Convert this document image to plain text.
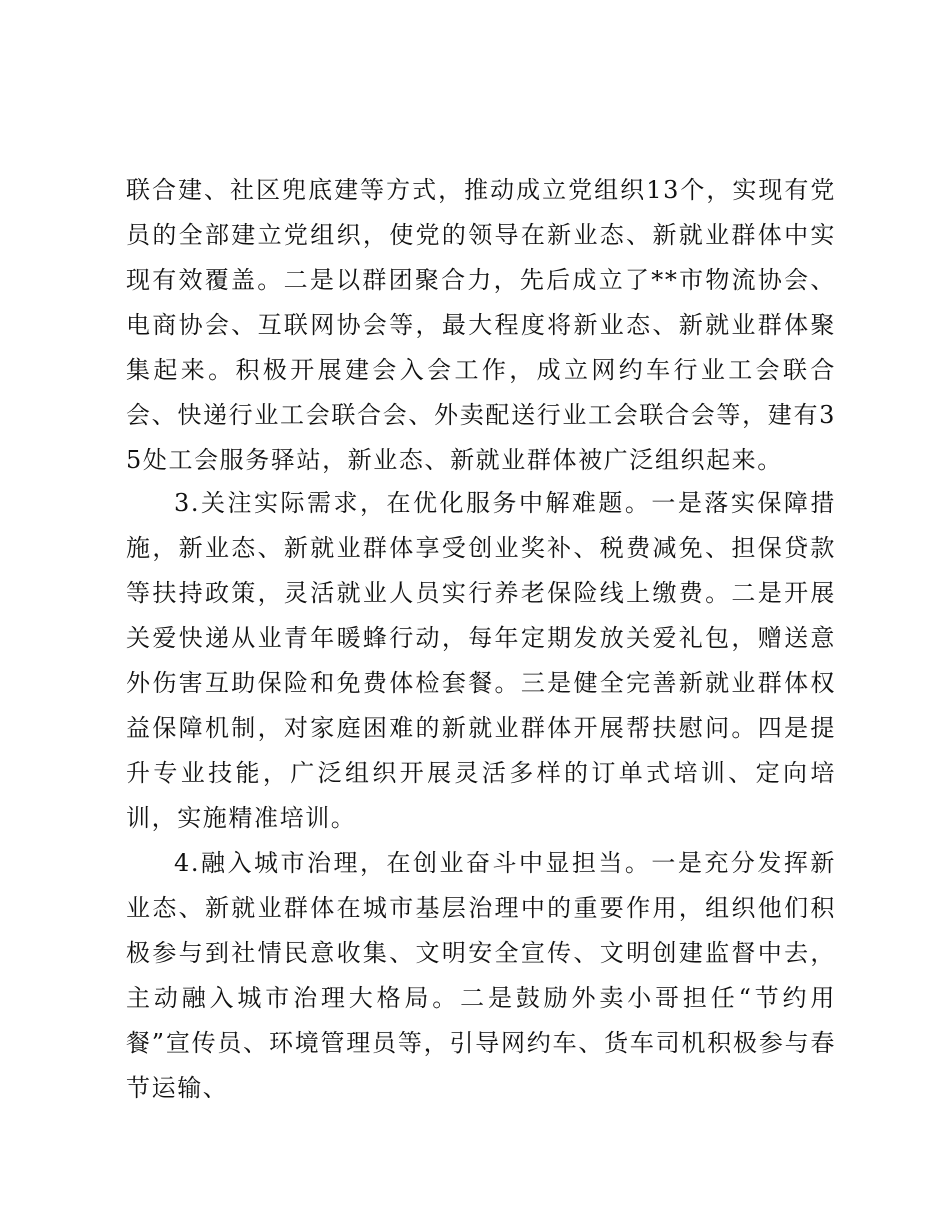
联合建、社区兜底建等方式，推动成立党组织13个，实现有党员的全部建立党组织，使党的领导在新业态、新就业群体中实现有效覆盖。二是以群团聚合力，先后成立了**市物流协会、电商协会、互联网协会等，最大程度将新业态、新就业群体聚集起来。积极开展建会入会工作，成立网约车行业工会联合会、快递行业工会联合会、外卖配送行业工会联合会等，建有35处工会服务驿站，新业态、新就业群体被广泛组织起来。

3.关注实际需求，在优化服务中解难题。一是落实保障措施，新业态、新就业群体享受创业奖补、税费减免、担保贷款等扶持政策，灵活就业人员实行养老保险线上缴费。二是开展关爱快递从业青年暖蜂行动，每年定期发放关爱礼包，赠送意外伤害互助保险和免费体检套餐。三是健全完善新就业群体权益保障机制，对家庭困难的新就业群体开展帮扶慰问。四是提升专业技能，广泛组织开展灵活多样的订单式培训、定向培训，实施精准培训。

4.融入城市治理，在创业奋斗中显担当。一是充分发挥新业态、新就业群体在城市基层治理中的重要作用，组织他们积极参与到社情民意收集、文明安全宣传、文明创建监督中去，主动融入城市治理大格局。二是鼓励外卖小哥担任“节约用餐”宣传员、环境管理员等，引导网约车、货车司机积极参与春节运输、
